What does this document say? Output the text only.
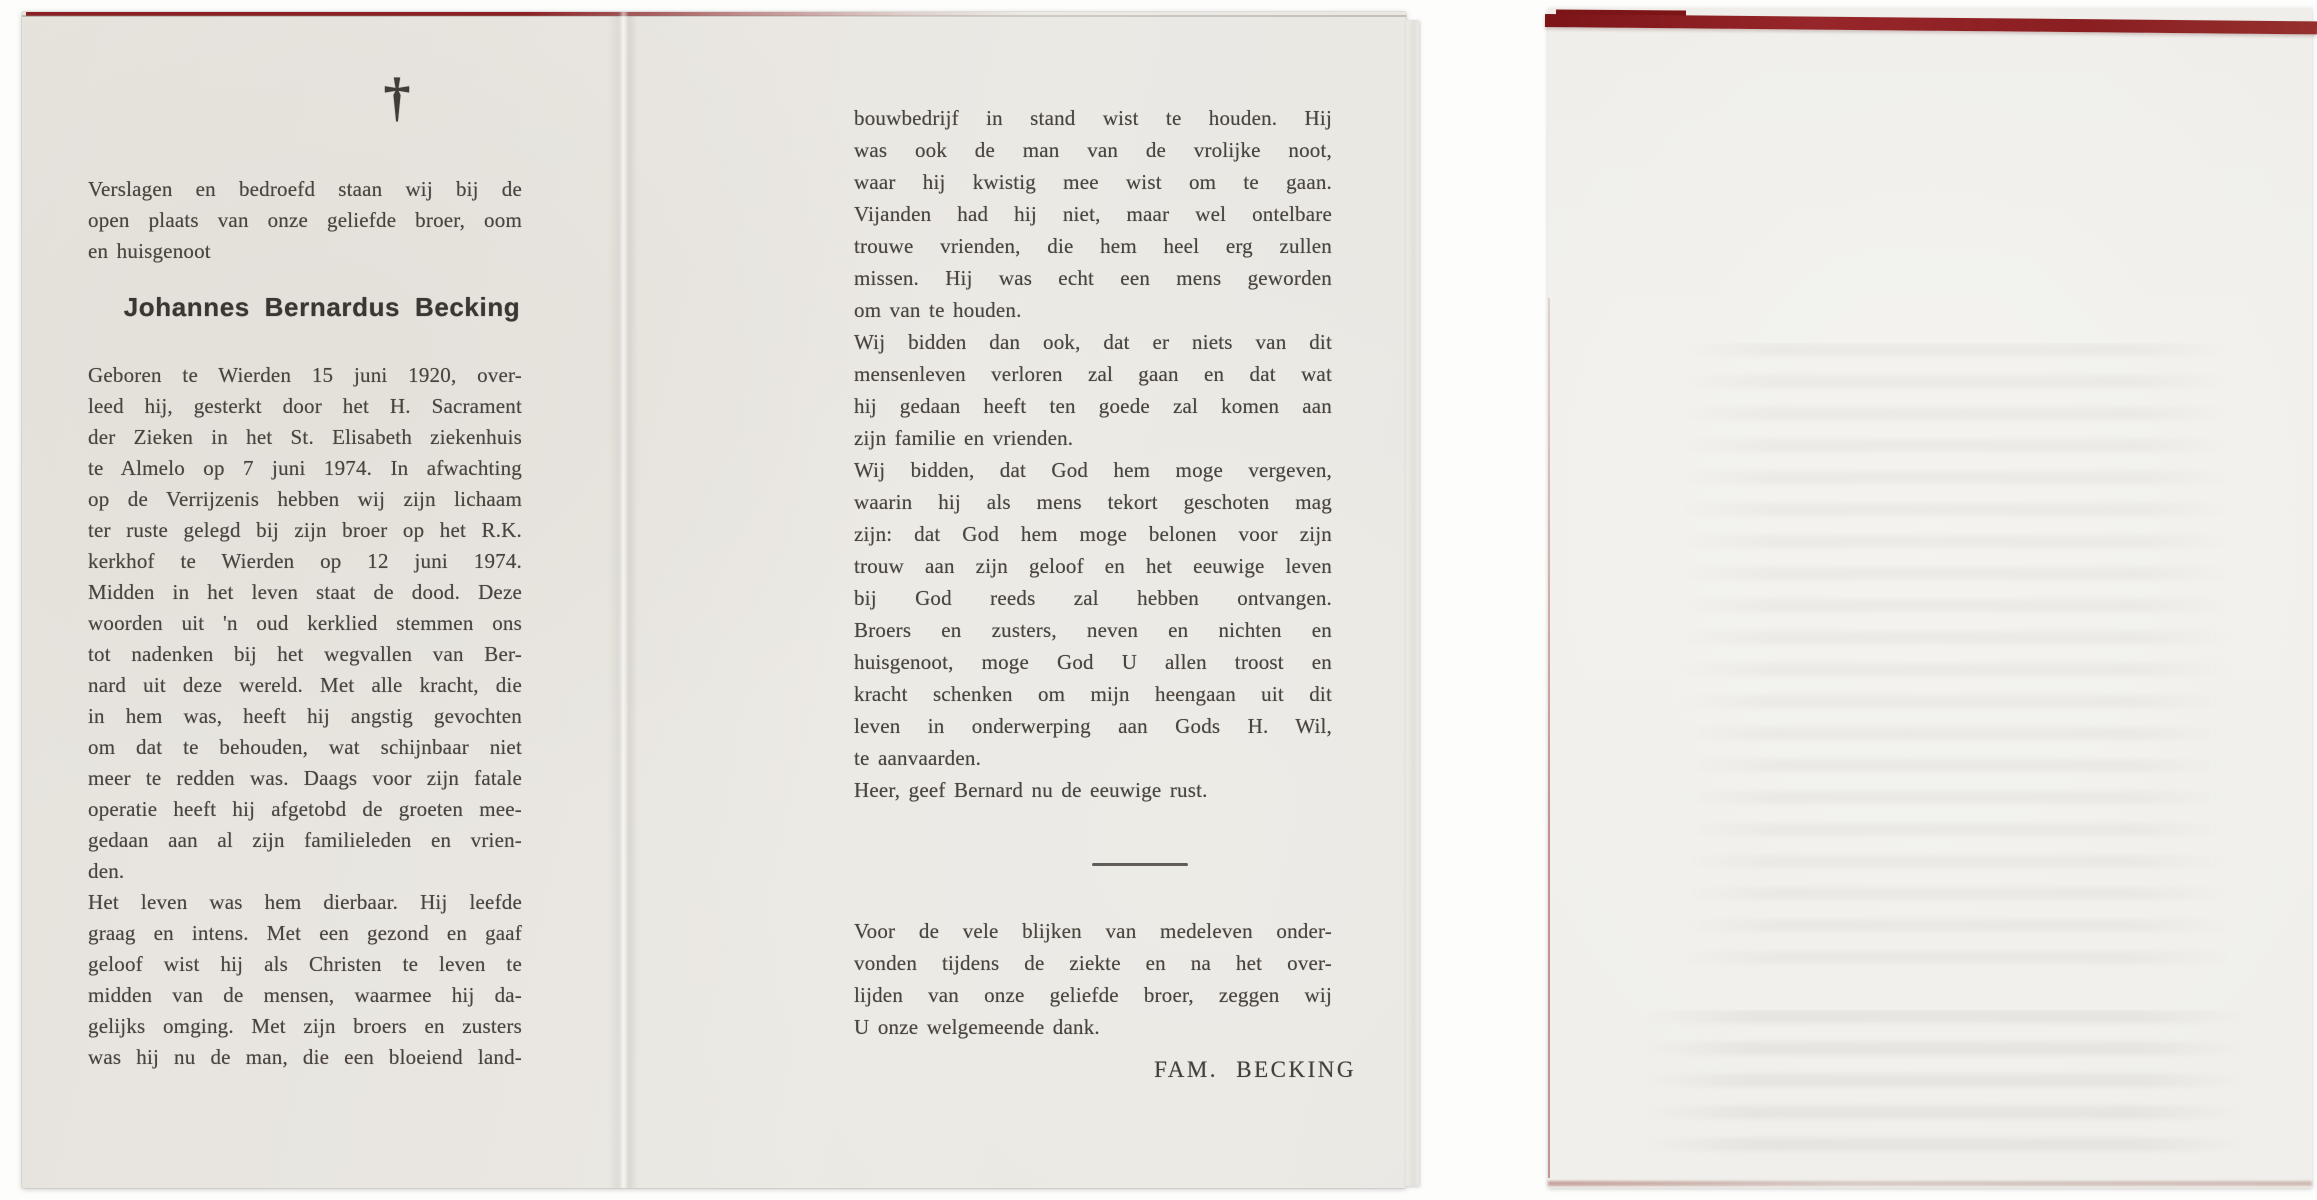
†
Verslagen en bedroefd staan wij bij de
open plaats van onze geliefde broer, oom
en huisgenoot
Johannes Bernardus Becking
Geboren te Wierden 15 juni 1920, over-
leed hij, gesterkt door het H. Sacrament
der Zieken in het St. Elisabeth ziekenhuis
te Almelo op 7 juni 1974. In afwachting
op de Verrijzenis hebben wij zijn lichaam
ter ruste gelegd bij zijn broer op het R.K.
kerkhof te Wierden op 12 juni 1974.
Midden in het leven staat de dood. Deze
woorden uit 'n oud kerklied stemmen ons
tot nadenken bij het wegvallen van Ber-
nard uit deze wereld. Met alle kracht, die
in hem was, heeft hij angstig gevochten
om dat te behouden, wat schijnbaar niet
meer te redden was. Daags voor zijn fatale
operatie heeft hij afgetobd de groeten mee-
gedaan aan al zijn familieleden en vrien-
den.
Het leven was hem dierbaar. Hij leefde
graag en intens. Met een gezond en gaaf
geloof wist hij als Christen te leven te
midden van de mensen, waarmee hij da-
gelijks omging. Met zijn broers en zusters
was hij nu de man, die een bloeiend land-
bouwbedrijf in stand wist te houden. Hij
was ook de man van de vrolijke noot,
waar hij kwistig mee wist om te gaan.
Vijanden had hij niet, maar wel ontelbare
trouwe vrienden, die hem heel erg zullen
missen. Hij was echt een mens geworden
om van te houden.
Wij bidden dan ook, dat er niets van dit
mensenleven verloren zal gaan en dat wat
hij gedaan heeft ten goede zal komen aan
zijn familie en vrienden.
Wij bidden, dat God hem moge vergeven,
waarin hij als mens tekort geschoten mag
zijn: dat God hem moge belonen voor zijn
trouw aan zijn geloof en het eeuwige leven
bij God reeds zal hebben ontvangen.
Broers en zusters, neven en nichten en
huisgenoot, moge God U allen troost en
kracht schenken om mijn heengaan uit dit
leven in onderwerping aan Gods H. Wil,
te aanvaarden.
Heer, geef Bernard nu de eeuwige rust.
Voor de vele blijken van medeleven onder-
vonden tijdens de ziekte en na het over-
lijden van onze geliefde broer, zeggen wij
U onze welgemeende dank.
FAM. BECKING
